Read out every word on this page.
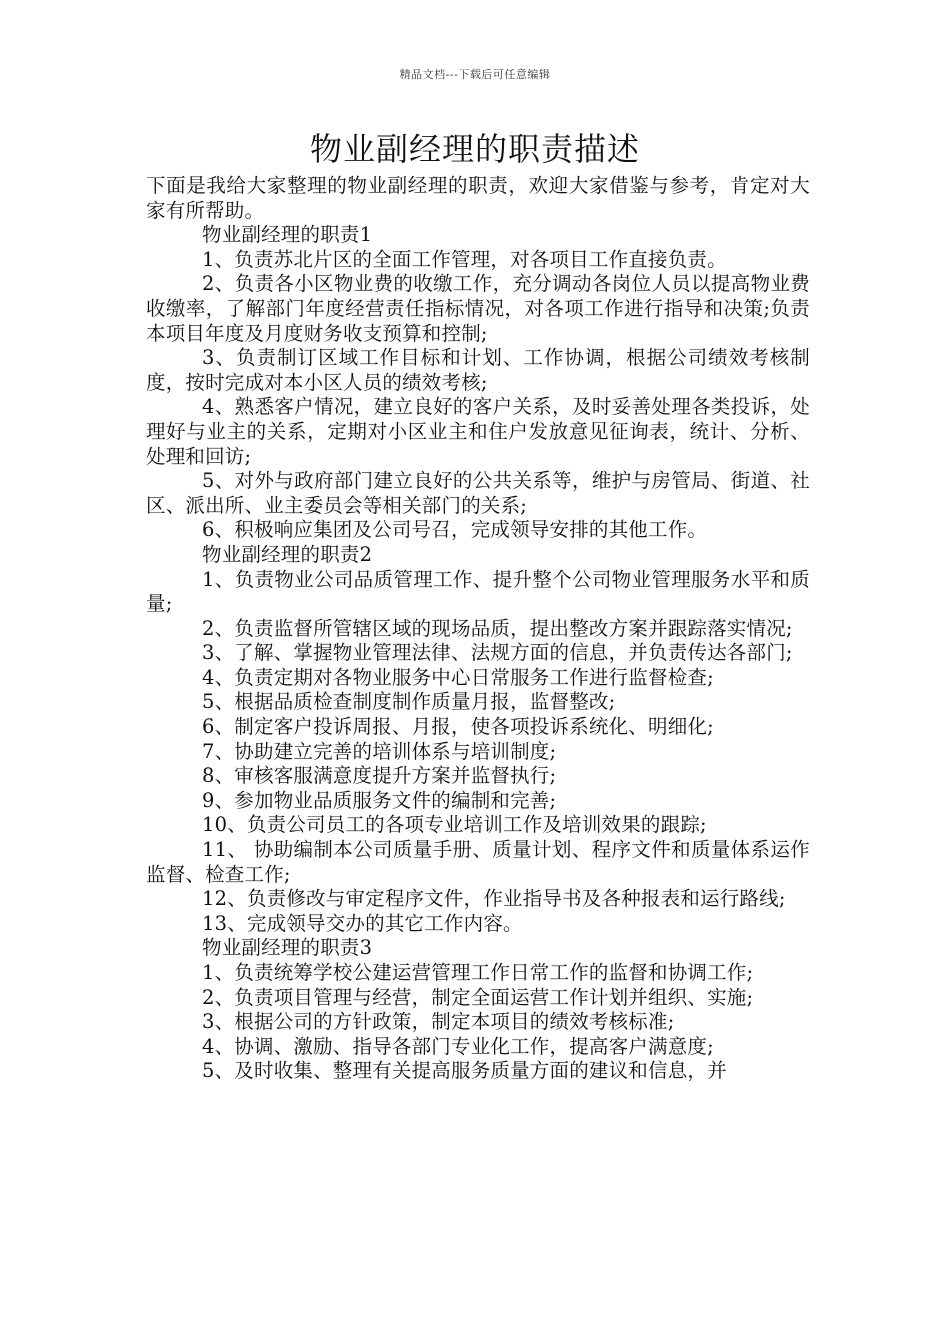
精品文档---下载后可任意编辑
物业副经理的职责描述

下面是我给大家整理的物业副经理的职责，欢迎大家借鉴与参考，肯定对大家有所帮助。

物业副经理的职责1

1、负责苏北片区的全面工作管理，对各项目工作直接负责。

2、负责各小区物业费的收缴工作，充分调动各岗位人员以提高物业费收缴率，了解部门年度经营责任指标情况，对各项工作进行指导和决策;负责本项目年度及月度财务收支预算和控制;

3、负责制订区域工作目标和计划、工作协调，根据公司绩效考核制度，按时完成对本小区人员的绩效考核;

4、熟悉客户情况，建立良好的客户关系，及时妥善处理各类投诉，处理好与业主的关系，定期对小区业主和住户发放意见征询表，统计、分析、处理和回访;

5、对外与政府部门建立良好的公共关系等，维护与房管局、街道、社区、派出所、业主委员会等相关部门的关系;

6、积极响应集团及公司号召，完成领导安排的其他工作。

物业副经理的职责2

1、负责物业公司品质管理工作、提升整个公司物业管理服务水平和质量;

2、负责监督所管辖区域的现场品质，提出整改方案并跟踪落实情况;

3、了解、掌握物业管理法律、法规方面的信息，并负责传达各部门;

4、负责定期对各物业服务中心日常服务工作进行监督检查;

5、根据品质检查制度制作质量月报，监督整改;

6、制定客户投诉周报、月报，使各项投诉系统化、明细化;

7、协助建立完善的培训体系与培训制度;

8、审核客服满意度提升方案并监督执行;

9、参加物业品质服务文件的编制和完善;

10、负责公司员工的各项专业培训工作及培训效果的跟踪;

11、 协助编制本公司质量手册、质量计划、程序文件和质量体系运作监督、检查工作;

12、负责修改与审定程序文件，作业指导书及各种报表和运行路线;

13、完成领导交办的其它工作内容。

物业副经理的职责3

1、负责统筹学校公建运营管理工作日常工作的监督和协调工作;

2、负责项目管理与经营，制定全面运营工作计划并组织、实施;

3、根据公司的方针政策，制定本项目的绩效考核标准;

4、协调、激励、指导各部门专业化工作，提高客户满意度;

5、及时收集、整理有关提高服务质量方面的建议和信息，并
